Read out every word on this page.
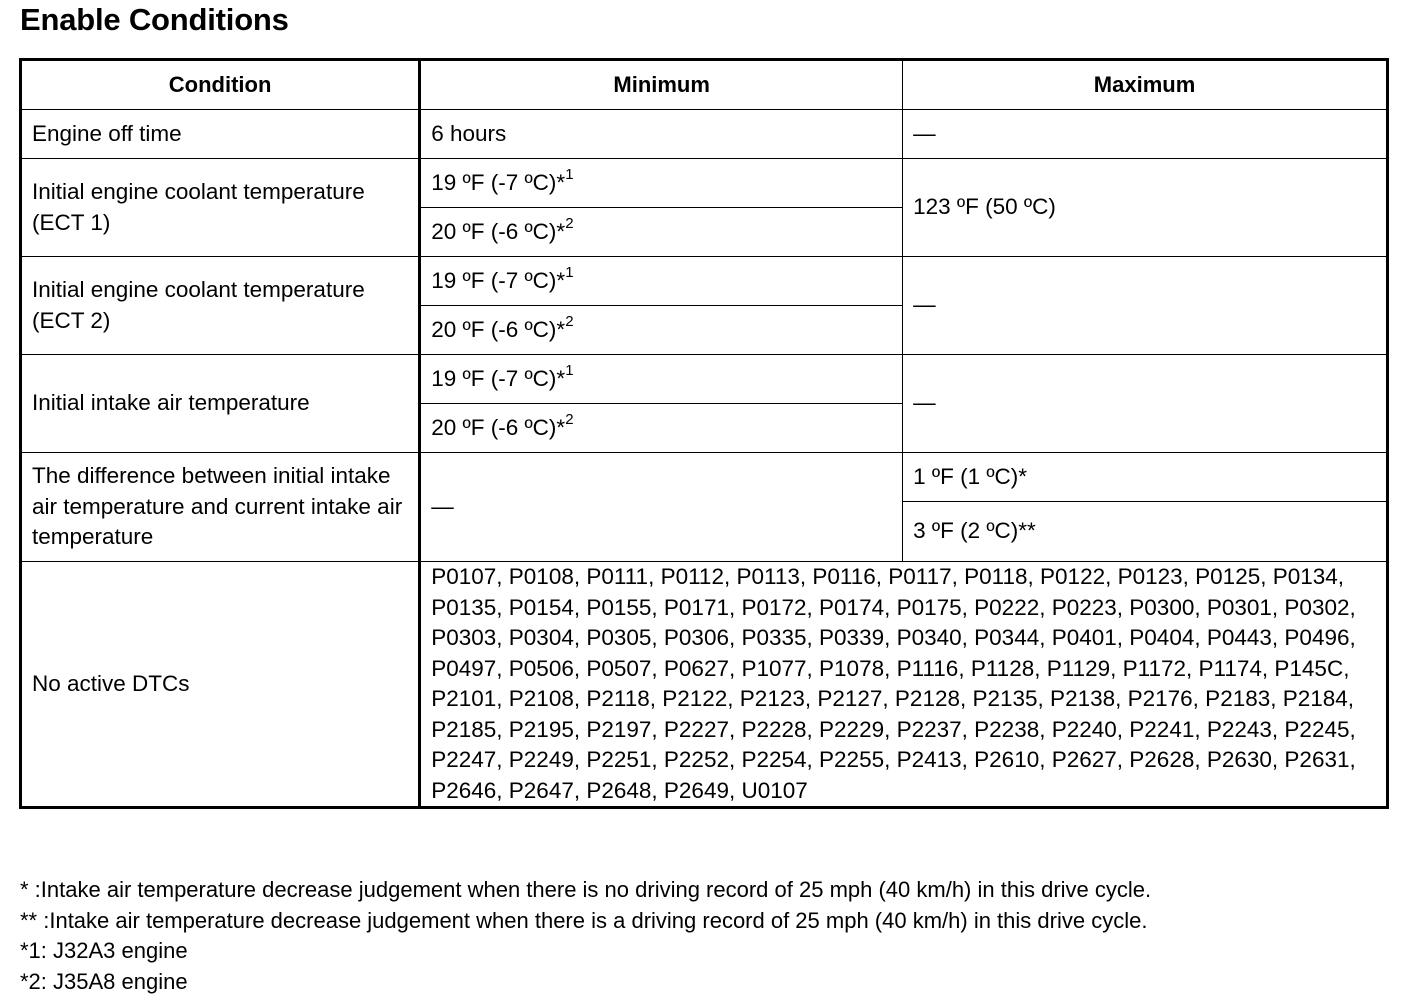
Enable Conditions
Condition	Minimum	Maximum
Engine off time	6 hours	—
Initial engine coolant temperature (ECT 1)	19 ºF (-7 ºC)*$^1$	123 ºF (50 ºC)
	20 ºF (-6 ºC)*$^2$
Initial engine coolant temperature (ECT 2)	19 ºF (-7 ºC)*$^1$	—
	20 ºF (-6 ºC)*$^2$
Initial intake air temperature	19 ºF (-7 ºC)*$^1$	—
	20 ºF (-6 ºC)*$^2$
The difference between initial intake air temperature and current intake air temperature	—	1 ºF (1 ºC)*
		3 ºF (2 ºC)**
No active DTCs	P0107, P0108, P0111, P0112, P0113, P0116, P0117, P0118, P0122, P0123, P0125, P0134, P0135, P0154, P0155, P0171, P0172, P0174, P0175, P0222, P0223, P0300, P0301, P0302, P0303, P0304, P0305, P0306, P0335, P0339, P0340, P0344, P0401, P0404, P0443, P0496, P0497, P0506, P0507, P0627, P1077, P1078, P1116, P1128, P1129, P1172, P1174, P145C, P2101, P2108, P2118, P2122, P2123, P2127, P2128, P2135, P2138, P2176, P2183, P2184, P2185, P2195, P2197, P2227, P2228, P2229, P2237, P2238, P2240, P2241, P2243, P2245, P2247, P2249, P2251, P2252, P2254, P2255, P2413, P2610, P2627, P2628, P2630, P2631, P2646, P2647, P2648, P2649, U0107	
* :Intake air temperature decrease judgement when there is no driving record of 25 mph (40 km/h) in this drive cycle.
** :Intake air temperature decrease judgement when there is a driving record of 25 mph (40 km/h) in this drive cycle.
*1: J32A3 engine
*2: J35A8 engine
